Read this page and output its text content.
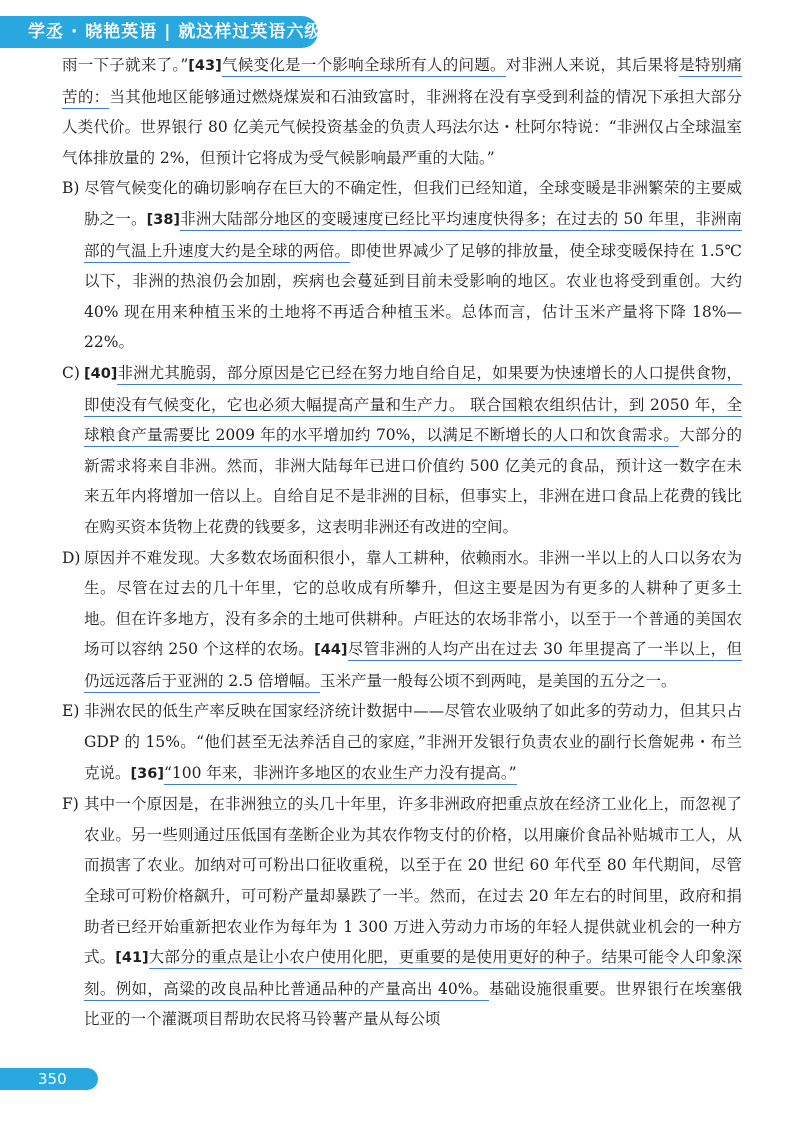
学丞 · 晓艳英语 | 就这样过英语六级

雨一下子就来了。”[43]气候变化是一个影响全球所有人的问题。对非洲人来说，其后果将是特别痛苦的：当其他地区能够通过燃烧煤炭和石油致富时，非洲将在没有享受到利益的情况下承担大部分人类代价。世界银行 80 亿美元气候投资基金的负责人玛法尔达・杜阿尔特说：“非洲仅占全球温室气体排放量的 2%，但预计它将成为受气候影响最严重的大陆。”

B) 尽管气候变化的确切影响存在巨大的不确定性，但我们已经知道，全球变暖是非洲繁荣的主要威胁之一。[38]非洲大陆部分地区的变暖速度已经比平均速度快得多；在过去的 50 年里，非洲南部的气温上升速度大约是全球的两倍。即使世界减少了足够的排放量，使全球变暖保持在 1.5℃以下，非洲的热浪仍会加剧，疾病也会蔓延到目前未受影响的地区。农业也将受到重创。大约 40% 现在用来种植玉米的土地将不再适合种植玉米。总体而言，估计玉米产量将下降 18%—22%。

C) [40]非洲尤其脆弱，部分原因是它已经在努力地自给自足，如果要为快速增长的人口提供食物，即使没有气候变化，它也必须大幅提高产量和生产力。 联合国粮农组织估计，到 2050 年，全球粮食产量需要比 2009 年的水平增加约 70%，以满足不断增长的人口和饮食需求。大部分的新需求将来自非洲。然而，非洲大陆每年已进口价值约 500 亿美元的食品，预计这一数字在未来五年内将增加一倍以上。自给自足不是非洲的目标，但事实上，非洲在进口食品上花费的钱比在购买资本货物上花费的钱要多，这表明非洲还有改进的空间。

D) 原因并不难发现。大多数农场面积很小，靠人工耕种，依赖雨水。非洲一半以上的人口以务农为生。尽管在过去的几十年里，它的总收成有所攀升，但这主要是因为有更多的人耕种了更多土地。但在许多地方，没有多余的土地可供耕种。卢旺达的农场非常小，以至于一个普通的美国农场可以容纳 250 个这样的农场。[44]尽管非洲的人均产出在过去 30 年里提高了一半以上，但仍远远落后于亚洲的 2.5 倍增幅。玉米产量一般每公顷不到两吨，是美国的五分之一。

E) 非洲农民的低生产率反映在国家经济统计数据中——尽管农业吸纳了如此多的劳动力，但其只占 GDP 的 15%。“他们甚至无法养活自己的家庭，”非洲开发银行负责农业的副行长詹妮弗・布兰克说。[36]“100 年来，非洲许多地区的农业生产力没有提高。”

F) 其中一个原因是，在非洲独立的头几十年里，许多非洲政府把重点放在经济工业化上，而忽视了农业。另一些则通过压低国有垄断企业为其农作物支付的价格，以用廉价食品补贴城市工人，从而损害了农业。加纳对可可粉出口征收重税，以至于在 20 世纪 60 年代至 80 年代期间，尽管全球可可粉价格飙升，可可粉产量却暴跌了一半。然而，在过去 20 年左右的时间里，政府和捐助者已经开始重新把农业作为每年为 1 300 万进入劳动力市场的年轻人提供就业机会的一种方式。[41]大部分的重点是让小农户使用化肥，更重要的是使用更好的种子。结果可能令人印象深刻。例如，高粱的改良品种比普通品种的产量高出 40%。基础设施很重要。世界银行在埃塞俄比亚的一个灌溉项目帮助农民将马铃薯产量从每公顷

350
